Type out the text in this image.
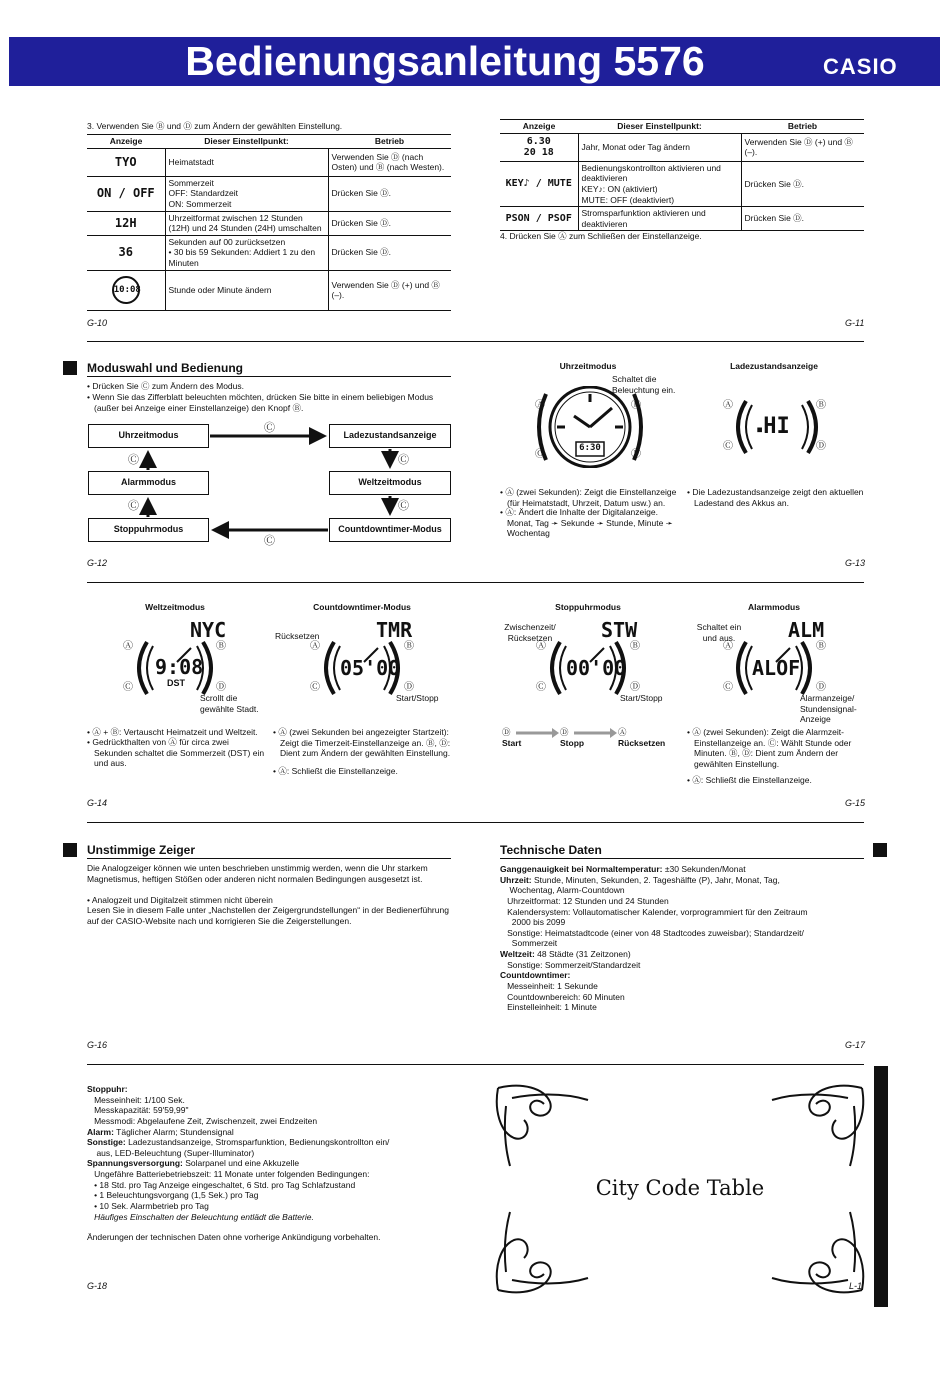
Bedienungsanleitung 5576	CASIO
3. Verwenden Sie Ⓑ und Ⓓ zum Ändern der gewählten Einstellung.
Anzeige	Dieser Einstellpunkt:	Betrieb
TYO	Heimatstadt	Verwenden Sie Ⓓ (nach Osten) und Ⓑ (nach Westen).
ON / OFF	Sommerzeit
OFF: Standardzeit
ON: Sommerzeit	Drücken Sie Ⓓ.
12H	Uhrzeitformat zwischen 12 Stunden (12H) und 24 Stunden (24H) umschalten	Drücken Sie Ⓓ.
36	Sekunden auf 00 zurücksetzen
• 30 bis 59 Sekunden: Addiert 1 zu den Minuten	Drücken Sie Ⓓ.
10:08	Stunde oder Minute ändern	Verwenden Sie Ⓓ (+) und Ⓑ (–).
G-10
Anzeige	Dieser Einstellpunkt:	Betrieb
6.30
20 18	Jahr, Monat oder Tag ändern	Verwenden Sie Ⓓ (+) und Ⓑ (–).
KEY♪ / MUTE	Bedienungskontrollton aktivieren und deaktivieren
KEY♪: ON (aktiviert)
MUTE: OFF (deaktiviert)	Drücken Sie Ⓓ.
PSON / PSOF	Stromsparfunktion aktivieren und deaktivieren	Drücken Sie Ⓓ.
4. Drücken Sie Ⓐ zum Schließen der Einstellanzeige.
G-11
Moduswahl und Bedienung
• Drücken Sie Ⓒ zum Ändern des Modus.
• Wenn Sie das Zifferblatt beleuchten möchten, drücken Sie bitte in einem beliebigen Modus (außer bei Anzeige einer Einstellanzeige) den Knopf Ⓑ.
Uhrzeitmodus	Ladezustandsanzeige
Alarmmodus	Weltzeitmodus
Stoppuhrmodus	Countdowntimer-Modus
Ⓒ
Ⓒ
Ⓒ
Ⓒ
Ⓒ
Ⓒ
G-12
Uhrzeitmodus	Ladezustandsanzeige
Schaltet die Beleuchtung ein.
6:30
Ⓐ	Ⓑ
Ⓒ	Ⓓ
▪HI
Ⓐ	Ⓑ
Ⓒ	Ⓓ
• Ⓐ (zwei Sekunden): Zeigt die Einstellanzeige (für Heimatstadt, Uhrzeit, Datum usw.) an.
• Ⓐ: Ändert die Inhalte der Digitalanzeige. Monat, Tag ➛ Sekunde ➛ Stunde, Minute ➛ Wochentag
• Die Ladezustandsanzeige zeigt den aktuellen Ladestand des Akkus an.
G-13
Weltzeitmodus	Countdowntimer-Modus
NYC
9:08
DST
Ⓐ	Ⓑ
Ⓒ	Ⓓ
Scrollt die gewählte Stadt.
Rücksetzen	TMR
05'00
Ⓐ	Ⓑ
Ⓒ	Ⓓ
Start/Stopp
• Ⓐ + Ⓑ: Vertauscht Heimatzeit und Weltzeit.
• Gedrückthalten von Ⓐ für circa zwei Sekunden schaltet die Sommerzeit (DST) ein und aus.
• Ⓐ (zwei Sekunden bei angezeigter Startzeit): Zeigt die Timerzeit-Einstellanzeige an. Ⓑ, Ⓓ: Dient zum Ändern der gewählten Einstellung.
• Ⓐ: Schließt die Einstellanzeige.
G-14
Stoppuhrmodus	Alarmmodus
Zwischenzeit/ Rücksetzen	STW
00'00
Ⓐ	Ⓑ
Ⓒ	Ⓓ
Start/Stopp
Schaltet ein und aus.	ALM
ALOF
Ⓐ	Ⓑ
Ⓒ	Ⓓ
Alarmanzeige/ Stundensignal-Anzeige
Ⓓ
Start
Ⓓ
Stopp
Ⓐ
Rücksetzen
• Ⓐ (zwei Sekunden): Zeigt die Alarmzeit-Einstellanzeige an. Ⓒ: Wählt Stunde oder Minuten. Ⓑ, Ⓓ: Dient zum Ändern der gewählten Einstellung.
• Ⓐ: Schließt die Einstellanzeige.
G-15
Unstimmige Zeiger
Die Analogzeiger können wie unten beschrieben unstimmig werden, wenn die Uhr starkem Magnetismus, heftigen Stößen oder anderen nicht normalen Bedingungen ausgesetzt ist.
• Analogzeit und Digitalzeit stimmen nicht überein
Lesen Sie in diesem Falle unter „Nachstellen der Zeigergrundstellungen“ in der Bedienerführung auf der CASIO-Website nach und korrigieren Sie die Zeigerstellungen.
G-16
Technische Daten
Ganggenauigkeit bei Normaltemperatur: ±30 Sekunden/Monat
Uhrzeit: Stunde, Minuten, Sekunden, 2. Tageshälfte (P), Jahr, Monat, Tag,
Wochentag, Alarm-Countdown
Uhrzeitformat: 12 Stunden und 24 Stunden
Kalendersystem: Vollautomatischer Kalender, vorprogrammiert für den Zeitraum
2000 bis 2099
Sonstige: Heimatstadtcode (einer von 48 Stadtcodes zuweisbar); Standardzeit/
Sommerzeit
Weltzeit: 48 Städte (31 Zeitzonen)
Sonstige: Sommerzeit/Standardzeit
Countdowntimer:
Messeinheit: 1 Sekunde
Countdownbereich: 60 Minuten
Einstelleinheit: 1 Minute
G-17
Stoppuhr:
Messeinheit: 1/100 Sek.
Messkapazität: 59'59,99"
Messmodi: Abgelaufene Zeit, Zwischenzeit, zwei Endzeiten
Alarm: Täglicher Alarm; Stundensignal
Sonstige: Ladezustandsanzeige, Stromsparfunktion, Bedienungskontrollton ein/
aus, LED-Beleuchtung (Super-Illuminator)
Spannungsversorgung: Solarpanel und eine Akkuzelle
Ungefähre Batteriebetriebszeit: 11 Monate unter folgenden Bedingungen:
• 18 Std. pro Tag Anzeige eingeschaltet, 6 Std. pro Tag Schlafzustand
• 1 Beleuchtungsvorgang (1,5 Sek.) pro Tag
• 10 Sek. Alarmbetrieb pro Tag
Häufiges Einschalten der Beleuchtung entlädt die Batterie.
Änderungen der technischen Daten ohne vorherige Ankündigung vorbehalten.
G-18
City Code Table
L-1
